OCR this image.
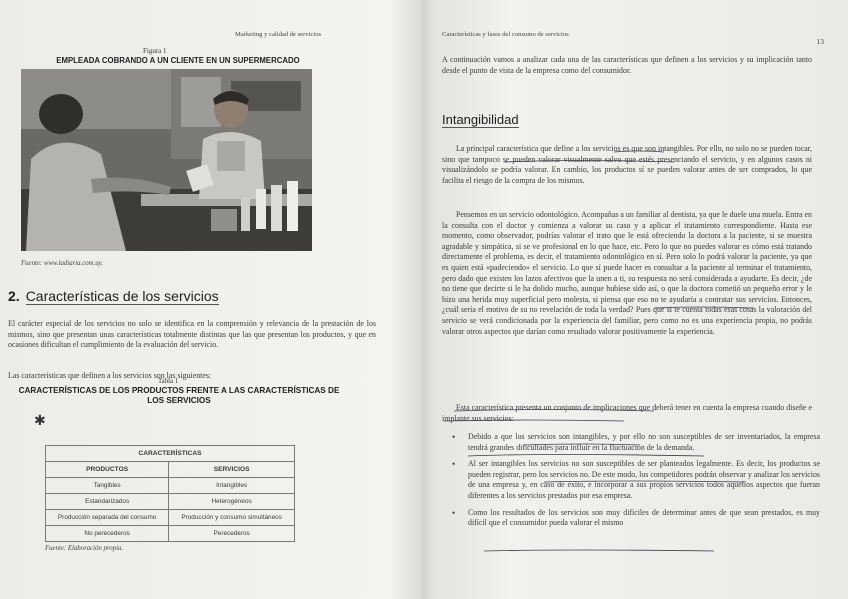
Marketing y calidad de servicios
Figura 1
EMPLEADA COBRANDO A UN CLIENTE EN UN SUPERMERCADO
Fuente: www.ladiaria.com.uy.
2. Características de los servicios

El carácter especial de los servicios no solo se identifica en la comprensión y relevancia de la prestación de los mismos, sino que presentan unas características totalmente distintas que las que presentan los productos, y que en ocasiones dificultan el cumplimiento de la evaluación del servicio.

Las características que definen a los servicios son las siguientes:

Tabla 1
CARACTERÍSTICAS DE LOS PRODUCTOS FRENTE A LAS CARACTERÍSTICAS DE LOS SERVICIOS
✱
CARACTERÍSTICAS	
PRODUCTOS	SERVICIOS
Tangibles	Intangibles
Estandarizados	Heterogéneos
Producción separada del consumo	Producción y consumo simultáneos
No perecederos	Perecederos
Fuente: Elaboración propia.
Características y fases del consumo de servicios
13

A continuación vamos a analizar cada una de las características que definen a los servicios y su implicación tanto desde el punto de vista de la empresa como del consumidor.

Intangibilidad

La principal característica que define a los servicios es que son intangibles. Por ello, no solo no se pueden tocar, sino que tampoco se pueden valorar visualmente salvo que estés presenciando el servicio, y en algunos casos ni visualizándolo se podría valorar. En cambio, los productos sí se pueden valorar antes de ser comprados, lo que facilita el riesgo de la compra de los mismos.

Pensemos en un servicio odontológico. Acompañas a un familiar al dentista, ya que le duele una muela. Entra en la consulta con el doctor y comienza a valorar su caso y a aplicar el tratamiento correspondiente. Hasta ese momento, como observador, podrías valorar el trato que le está ofreciendo la doctora a la paciente, si se muestra agradable y simpática, si se ve profesional en lo que hace, etc. Pero lo que no puedes valorar es cómo está tratando directamente el problema, es decir, el tratamiento odontológico en sí. Pero solo lo podrá valorar la paciente, ya que es quien está «padeciendo» el servicio. Lo que sí puede hacer es consultar a la paciente al terminar el tratamiento, pero dado que existen los lazos afectivos que la unen a ti, su respuesta no será considerada a ayudarte. Es decir, ¿de no tiene que decirte si le ha dolido mucho, aunque hubiese sido así, o que la doctora cometió un pequeño error y le hizo una herida muy superficial pero molesta, si piensa que eso no te ayudaría a contratar sus servicios. Entonces, ¿cuál sería el motivo de su no revelación de toda la verdad? Pues que si te cuenta todas esas cosas la valoración del servicio se verá condicionada por la experiencia del familiar, pero como no es una experiencia propia, no podrás valorar otros aspectos que darían como resultado valorar positivamente la experiencia.

Esta característica presenta un conjunto de implicaciones que deberá tener en cuenta la empresa cuando diseñe e implante sus servicios:

• Debido a que los servicios son intangibles, y por ello no son susceptibles de ser inventariados, la empresa tendrá grandes dificultades para influir en la fluctuación de la demanda.
• Al ser intangibles los servicios no son susceptibles de ser planteados legalmente. Es decir, los productos se pueden registrar, pero los servicios no. De este modo, los competidores podrán observar y analizar los servicios de una empresa y, en caso de éxito, e incorporar a sus propios servicios todos aquellos aspectos que fueran diferentes a los servicios prestados por esa empresa.
• Como los resultados de los servicios son muy difíciles de determinar antes de que sean prestados, es muy difícil que el consumidor pueda valorar el mismo
